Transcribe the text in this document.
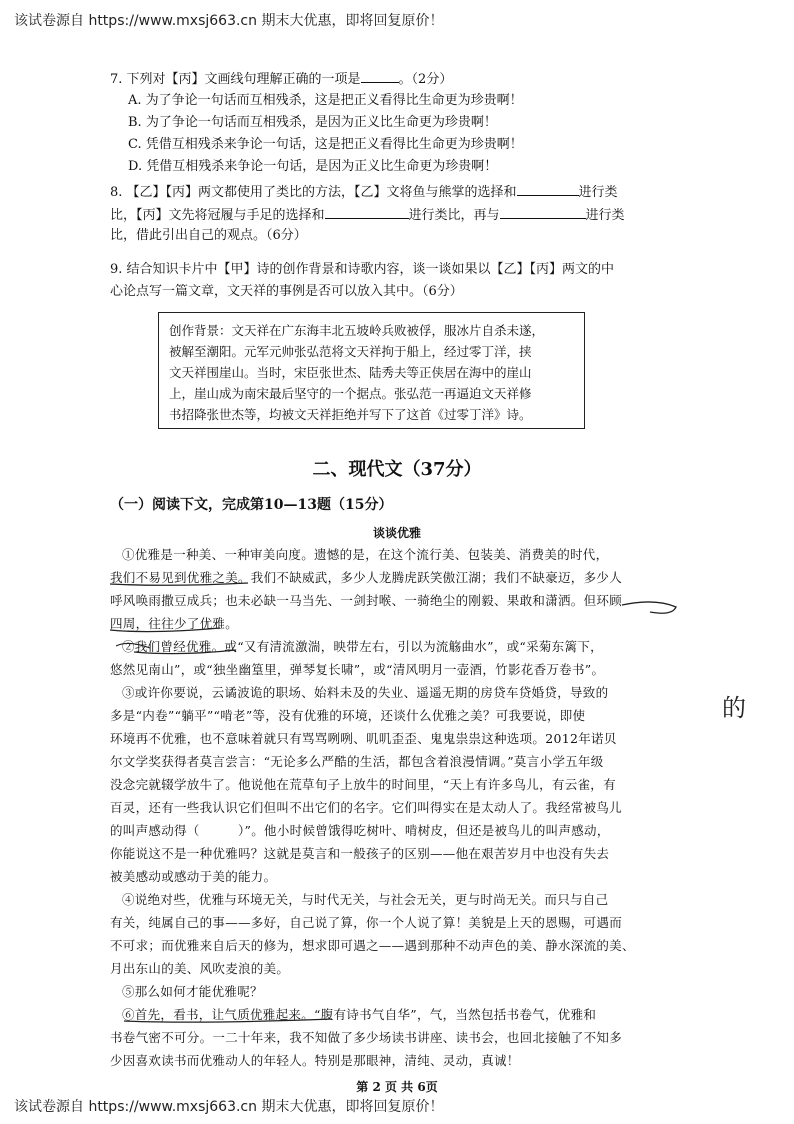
该试卷源自 https://www.mxsj663.cn 期末大优惠，即将回复原价！
7. 下列对【丙】文画线句理解正确的一项是	。（2分）
A. 为了争论一句话而互相残杀，这是把正义看得比生命更为珍贵啊！
B. 为了争论一句话而互相残杀，是因为正义比生命更为珍贵啊！
C. 凭借互相残杀来争论一句话，这是把正义看得比生命更为珍贵啊！
D. 凭借互相残杀来争论一句话，是因为正义比生命更为珍贵啊！
8. 【乙】【丙】两文都使用了类比的方法，【乙】文将鱼与熊掌的选择和	进行类
比，【丙】文先将冠履与手足的选择和	进行类比，再与	进行类
比，借此引出自己的观点。（6分）
9. 结合知识卡片中【甲】诗的创作背景和诗歌内容，谈一谈如果以【乙】【丙】两文的中
心论点写一篇文章，文天祥的事例是否可以放入其中。（6分）
创作背景：文天祥在广东海丰北五坡岭兵败被俘，服冰片自杀未遂，
被解至潮阳。元军元帅张弘范将文天祥拘于船上，经过零丁洋，挟
文天祥围崖山。当时，宋臣张世杰、陆秀夫等正侠居在海中的崖山
上，崖山成为南宋最后坚守的一个据点。张弘范一再逼迫文天祥修
书招降张世杰等，均被文天祥拒绝并写下了这首《过零丁洋》诗。
二、现代文（37分）
（一）阅读下文，完成第10—13题（15分）
谈谈优雅
①优雅是一种美、一种审美向度。遗憾的是，在这个流行美、包装美、消费美的时代，
我们不易见到优雅之美。我们不缺威武，多少人龙腾虎跃笑傲江湖；我们不缺豪迈，多少人
呼风唤雨撒豆成兵；也未必缺一马当先、一剑封喉、一骑绝尘的刚毅、果敢和潇洒。但环顾
四周，往往少了优雅。
②我们曾经优雅。或“又有清流激湍，映带左右，引以为流觞曲水”，或“采菊东篱下，
悠然见南山”，或“独坐幽篁里，弹琴复长啸”，或“清风明月一壶酒，竹影花香万卷书”。
③或许你要说，云谲波诡的职场、始料未及的失业、遥遥无期的房贷车贷婚贷，导致的
多是“内卷”“躺平”“啃老”等，没有优雅的环境，还谈什么优雅之美？可我要说，即使
环境再不优雅，也不意味着就只有骂骂咧咧、叽叽歪歪、鬼鬼祟祟这种选项。2012年诺贝
尔文学奖获得者莫言尝言：“无论多么严酷的生活，都包含着浪漫情调。”莫言小学五年级
没念完就辍学放牛了。他说他在荒草旬子上放牛的时间里，“天上有许多鸟儿，有云雀，有
百灵，还有一些我认识它们但叫不出它们的名字。它们叫得实在是太动人了。我经常被鸟儿
的叫声感动得（　　　）”。他小时候曾饿得吃树叶、啃树皮，但还是被鸟儿的叫声感动，
你能说这不是一种优雅吗？这就是莫言和一般孩子的区别——他在艰苦岁月中也没有失去
被美感动或感动于美的能力。
④说绝对些，优雅与环境无关，与时代无关，与社会无关，更与时尚无关。而只与自己
有关，纯属自己的事——多好，自己说了算，你一个人说了算！美貌是上天的恩赐，可遇而
不可求；而优雅来自后天的修为，想求即可遇之——遇到那种不动声色的美、静水深流的美、
月出东山的美、风吹麦浪的美。
⑤那么如何才能优雅呢？
⑥首先，看书，让气质优雅起来。“腹有诗书气自华”，气，当然包括书卷气，优雅和
书卷气密不可分。一二十年来，我不知做了多少场读书讲座、读书会，也回北接触了不知多
少因喜欢读书而优雅动人的年轻人。特别是那眼神，清纯、灵动，真诚！
的
第 2 页 共 6页
该试卷源自 https://www.mxsj663.cn 期末大优惠，即将回复原价！
